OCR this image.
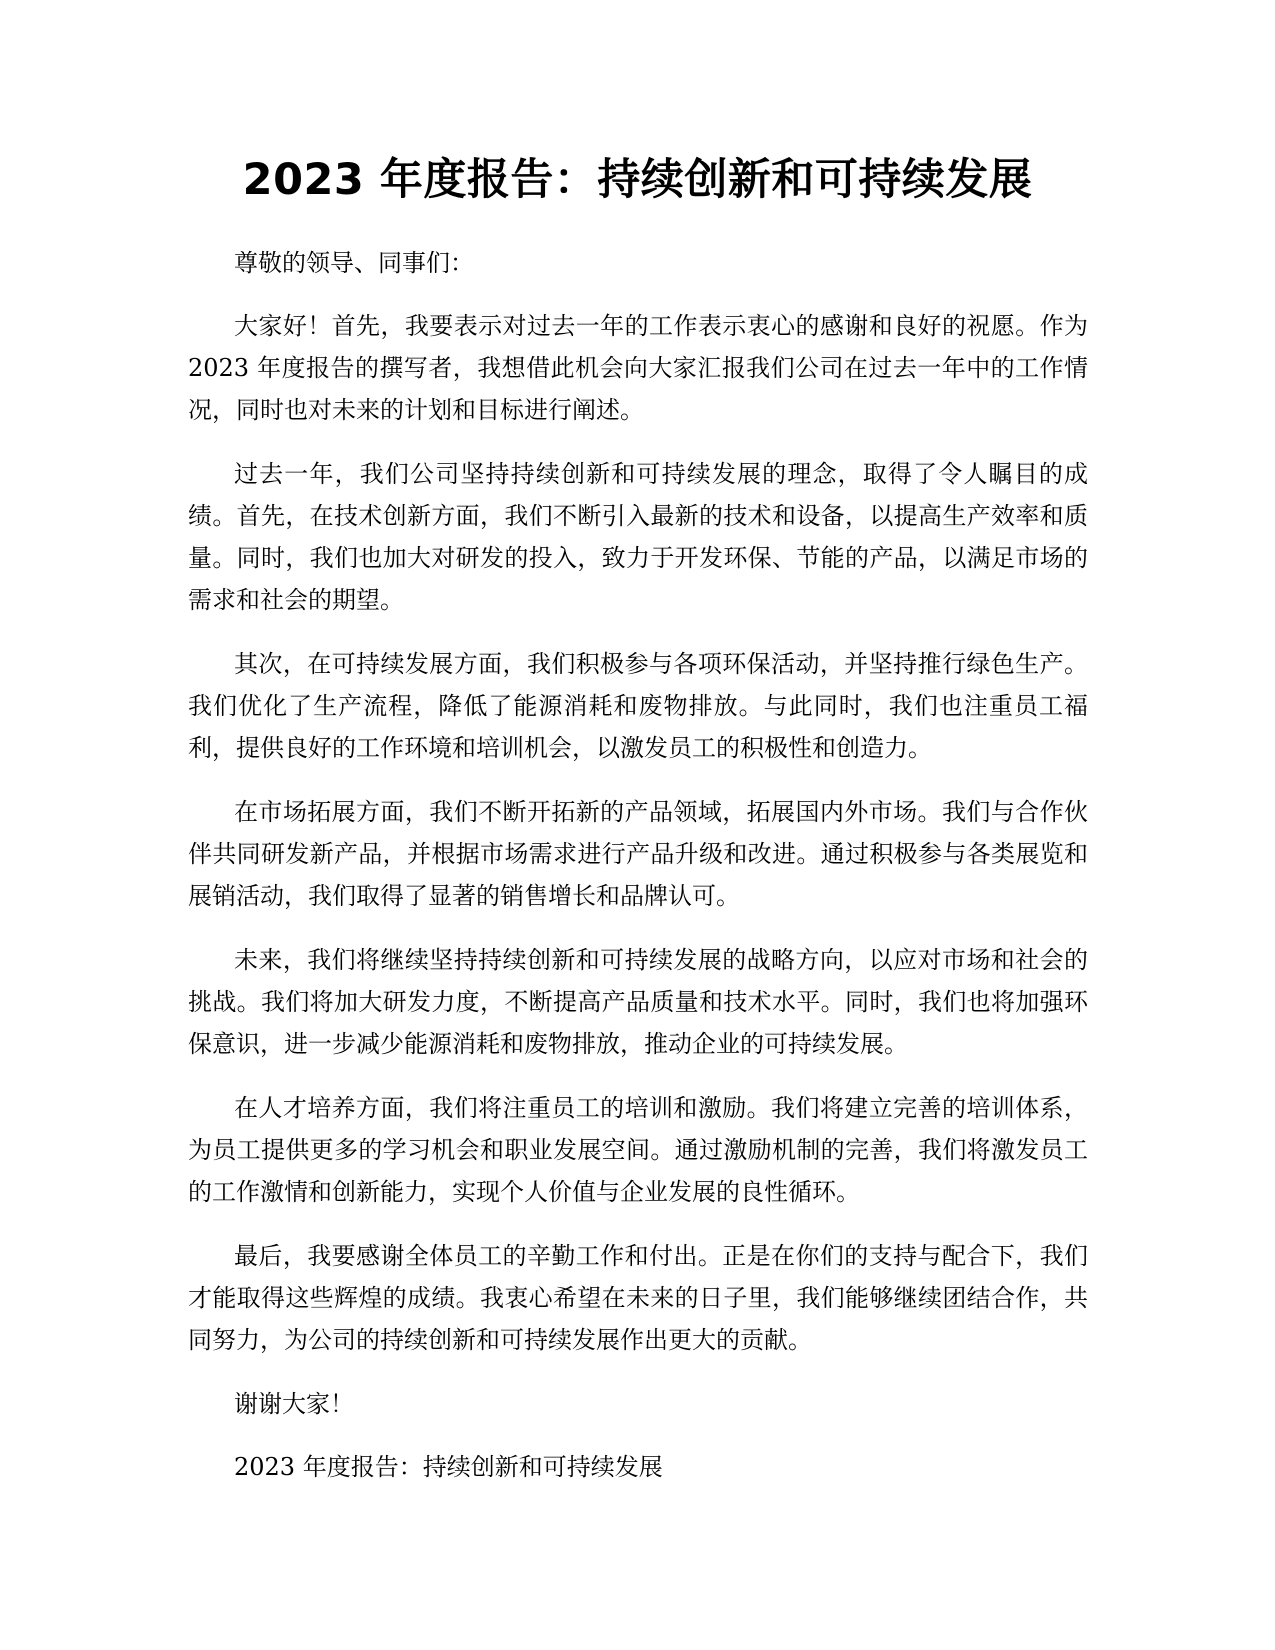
2023 年度报告：持续创新和可持续发展

尊敬的领导、同事们：

大家好！首先，我要表示对过去一年的工作表示衷心的感谢和良好的祝愿。作为 2023 年度报告的撰写者，我想借此机会向大家汇报我们公司在过去一年中的工作情况，同时也对未来的计划和目标进行阐述。

过去一年，我们公司坚持持续创新和可持续发展的理念，取得了令人瞩目的成绩。首先，在技术创新方面，我们不断引入最新的技术和设备，以提高生产效率和质量。同时，我们也加大对研发的投入，致力于开发环保、节能的产品，以满足市场的需求和社会的期望。

其次，在可持续发展方面，我们积极参与各项环保活动，并坚持推行绿色生产。我们优化了生产流程，降低了能源消耗和废物排放。与此同时，我们也注重员工福利，提供良好的工作环境和培训机会，以激发员工的积极性和创造力。

在市场拓展方面，我们不断开拓新的产品领域，拓展国内外市场。我们与合作伙伴共同研发新产品，并根据市场需求进行产品升级和改进。通过积极参与各类展览和展销活动，我们取得了显著的销售增长和品牌认可。

未来，我们将继续坚持持续创新和可持续发展的战略方向，以应对市场和社会的挑战。我们将加大研发力度，不断提高产品质量和技术水平。同时，我们也将加强环保意识，进一步减少能源消耗和废物排放，推动企业的可持续发展。

在人才培养方面，我们将注重员工的培训和激励。我们将建立完善的培训体系，为员工提供更多的学习机会和职业发展空间。通过激励机制的完善，我们将激发员工的工作激情和创新能力，实现个人价值与企业发展的良性循环。

最后，我要感谢全体员工的辛勤工作和付出。正是在你们的支持与配合下，我们才能取得这些辉煌的成绩。我衷心希望在未来的日子里，我们能够继续团结合作，共同努力，为公司的持续创新和可持续发展作出更大的贡献。

谢谢大家！

2023 年度报告：持续创新和可持续发展
